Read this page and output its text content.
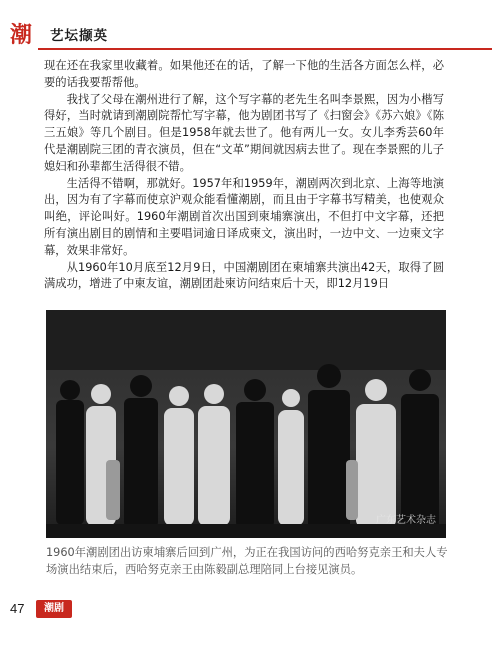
潮 艺坛撷英

现在还在我家里收藏着。如果他还在的话，了解一下他的生活各方面怎么样，必要的话我要帮帮他。

我找了父母在潮州进行了解，这个写字幕的老先生名叫李景熙，因为小楷写得好，当时就请到潮剧院帮忙写字幕，他为剧团书写了《扫窗会》《苏六娘》《陈三五娘》等几个剧目。但是1958年就去世了。他有两儿一女。女儿李秀芸60年代是潮剧院三团的青衣演员，但在“文革”期间就因病去世了。现在李景熙的儿子媳妇和孙辈都生活得很不错。

生活得不错啊，那就好。1957年和1959年，潮剧两次到北京、上海等地演出，因为有了字幕而使京沪观众能看懂潮剧，而且由于字幕书写精美，也使观众叫绝，评论叫好。1960年潮剧首次出国到柬埔寨演出，不但打中文字幕，还把所有演出剧目的剧情和主要唱词逾日译成柬文，演出时，一边中文、一边柬文字幕，效果非常好。

从1960年10月底至12月9日，中国潮剧团在柬埔寨共演出42天，取得了圆满成功，增进了中柬友谊，潮剧团赴柬访问结束后十天，即12月19日

广东艺术杂志
1960年潮剧团出访柬埔寨后回到广州，为正在我国访问的西哈努克亲王和夫人专场演出结束后，西哈努克亲王由陈毅副总理陪同上台接见演员。
47	潮剧
